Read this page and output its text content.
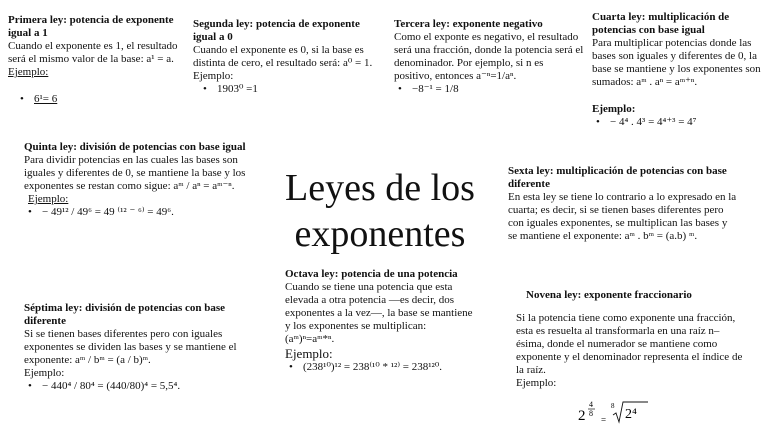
Primera ley: potencia de exponente igual a 1

Cuando el exponente es 1, el resultado será el mismo valor de la base: a¹ = a.

Ejemplo:

• 6¹= 6
Segunda ley: potencia de exponente igual a 0

Cuando el exponente es 0, si la base es distinta de cero, el resultado será: a⁰ = 1.

Ejemplo:

• 1903⁰ =1
Tercera ley: exponente negativo

Como el exponte es negativo, el resultado será una fracción, donde la potencia será el denominador. Por ejemplo, si n es positivo, entonces a⁻ⁿ=1/aⁿ.

• −8⁻¹ = 1/8
Cuarta ley: multiplicación de potencias con base igual

Para multiplicar potencias donde las bases son iguales y diferentes de 0, la base se mantiene y los exponentes son sumados: aᵐ . aⁿ = aᵐ⁺ⁿ.

Ejemplo:

• − 4⁴ . 4³ = 4⁴⁺³ = 4⁷
Quinta ley: división de potencias con base igual

Para dividir potencias en las cuales las bases son iguales y diferentes de 0, se mantiene la base y los exponentes se restan como sigue: aᵐ / aⁿ = aᵐ⁻ⁿ.

Ejemplo:

• − 49¹² / 49⁶ = 49 ⁽¹² ⁻ ⁶⁾ = 49⁶.
Leyes de los exponentes
Sexta ley: multiplicación de potencias con base diferente

En esta ley se tiene lo contrario a lo expresado en la cuarta; es decir, si se tienen bases diferentes pero con iguales exponentes, se multiplican las bases y se mantiene el exponente: aᵐ . bᵐ = (a.b) ᵐ.

Séptima ley: división de potencias con base diferente

Si se tienen bases diferentes pero con iguales exponentes se dividen las bases y se mantiene el exponente: aᵐ / bᵐ = (a / b)ᵐ.

Ejemplo:

• − 440⁴ / 80⁴ = (440/80)⁴ = 5,5⁴.
Octava ley: potencia de una potencia

Cuando se tiene una potencia que esta elevada a otra potencia —es decir, dos exponentes a la vez—, la base se mantiene y los exponentes se multiplican: (aᵐ)ⁿ=aᵐ*ⁿ.

Ejemplo:

• (238¹⁰)¹² = 238⁽¹⁰ * ¹²⁾ = 238¹²⁰.
Novena ley: exponente fraccionario

Si la potencia tiene como exponente una fracción, esta es resuelta al transformarla en una raíz n–ésima, donde el numerador se mantiene como exponente y el denominador representa el índice de la raíz.

Ejemplo:

2
4
8
=
8
2⁴
